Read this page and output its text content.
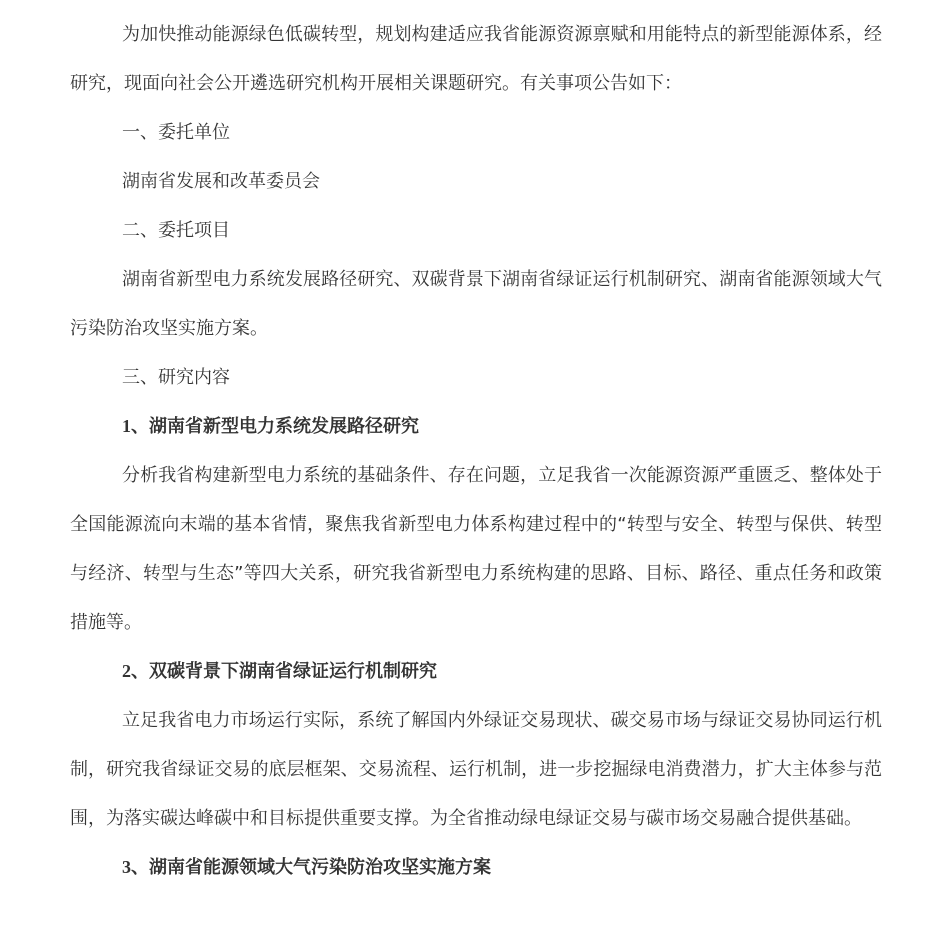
为加快推动能源绿色低碳转型，规划构建适应我省能源资源禀赋和用能特点的新型能源体系，经研究，现面向社会公开遴选研究机构开展相关课题研究。有关事项公告如下：

一、委托单位

湖南省发展和改革委员会

二、委托项目

湖南省新型电力系统发展路径研究、双碳背景下湖南省绿证运行机制研究、湖南省能源领域大气污染防治攻坚实施方案。

三、研究内容

1、湖南省新型电力系统发展路径研究

分析我省构建新型电力系统的基础条件、存在问题，立足我省一次能源资源严重匮乏、整体处于全国能源流向末端的基本省情，聚焦我省新型电力体系构建过程中的“转型与安全、转型与保供、转型与经济、转型与生态”等四大关系，研究我省新型电力系统构建的思路、目标、路径、重点任务和政策措施等。

2、双碳背景下湖南省绿证运行机制研究

立足我省电力市场运行实际，系统了解国内外绿证交易现状、碳交易市场与绿证交易协同运行机制，研究我省绿证交易的底层框架、交易流程、运行机制，进一步挖掘绿电消费潜力，扩大主体参与范围，为落实碳达峰碳中和目标提供重要支撑。为全省推动绿电绿证交易与碳市场交易融合提供基础。

3、湖南省能源领域大气污染防治攻坚实施方案
